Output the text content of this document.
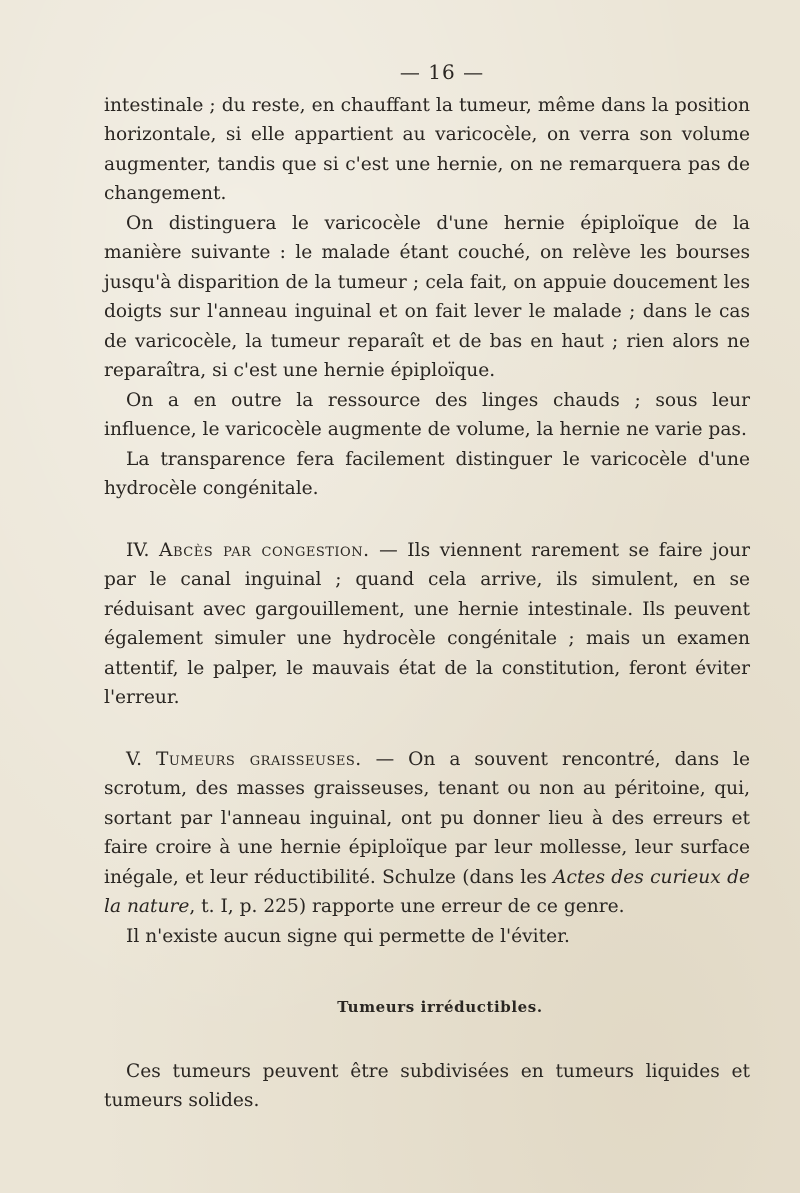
— 16 —

intestinale ; du reste, en chauffant la tumeur, même dans la position horizontale, si elle appartient au varicocèle, on verra son volume augmenter, tandis que si c'est une hernie, on ne remarquera pas de changement.

On distinguera le varicocèle d'une hernie épiploïque de la manière suivante : le malade étant couché, on relève les bourses jusqu'à disparition de la tumeur ; cela fait, on appuie doucement les doigts sur l'anneau inguinal et on fait lever le malade ; dans le cas de varicocèle, la tumeur reparaît et de bas en haut ; rien alors ne reparaîtra, si c'est une hernie épiploïque.

On a en outre la ressource des linges chauds ; sous leur influence, le varicocèle augmente de volume, la hernie ne varie pas.

La transparence fera facilement distinguer le varicocèle d'une hydrocèle congénitale.

IV. Abcès par congestion. — Ils viennent rarement se faire jour par le canal inguinal ; quand cela arrive, ils simulent, en se réduisant avec gargouillement, une hernie intestinale. Ils peuvent également simuler une hydrocèle congénitale ; mais un examen attentif, le palper, le mauvais état de la constitution, feront éviter l'erreur.

V. Tumeurs graisseuses. — On a souvent rencontré, dans le scrotum, des masses graisseuses, tenant ou non au péritoine, qui, sortant par l'anneau inguinal, ont pu donner lieu à des erreurs et faire croire à une hernie épiploïque par leur mollesse, leur surface inégale, et leur réductibilité. Schulze (dans les Actes des curieux de la nature, t. I, p. 225) rapporte une erreur de ce genre.

Il n'existe aucun signe qui permette de l'éviter.

Tumeurs irréductibles.

Ces tumeurs peuvent être subdivisées en tumeurs liquides et tumeurs solides.
